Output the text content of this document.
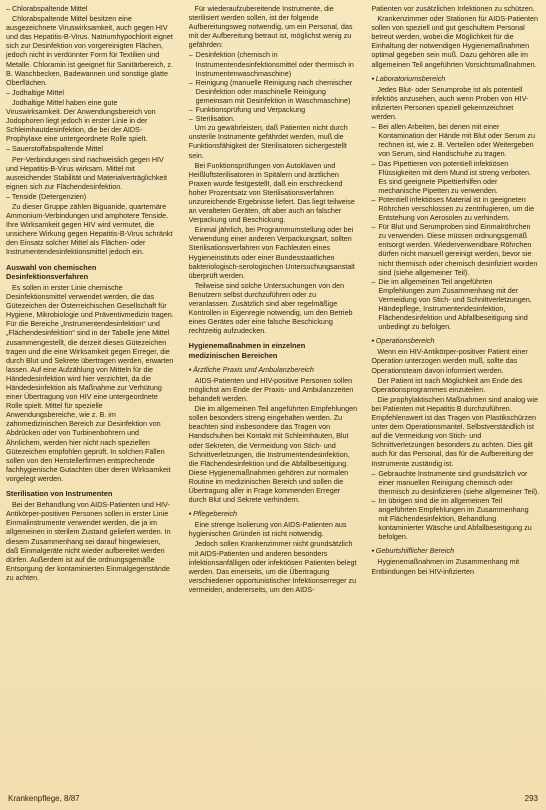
– Chlorabspaltende Mittel

Chlorabspaltende Mittel besitzen eine ausgezeichnete Viruswirksamkeit, auch gegen HIV und das Hepatitis-B-Virus. Natriumhypochlorit eignet sich zur Desinfektion von vorgereinigten Flächen, jedoch nicht in verdünnter Form für Textilien und Metalle. Chloramin ist geeignet für Sanitärbereich, z. B. Waschbecken, Badewannen und sonstige glatte Oberflächen.

– Jodhaltige Mittel

Jodhaltige Mittel haben eine gute Viruswirksamkeit. Der Anwendungsbereich von Jodophoren liegt jedoch in erster Linie in der Schleimhautdesinfektion, die bei der AIDS-Prophylaxe eine untergeordnete Rolle spielt.

– Sauerstoffabspaltende Mittel

Per-Verbindungen sind nachweislich gegen HIV und Hepatitis-B-Virus wirksam. Mittel mit ausreichender Stabilität und Materialverträglichkeit eignen sich zur Flächendesinfektion.

– Tenside (Detergenzien)

Zu dieser Gruppe zählen Biguanide, quarternäre Ammonium-Verbindungen und amphotere Tenside. Ihre Wirksamkeit gegen HIV wird vermutet, die unsichere Wirkung gegen Hepatitis-B-Virus schränkt den Einsatz solcher Mittel als Flächen- oder Instrumentendesinfektionsmittel jedoch ein.

Auswahl von chemischen Desinfektionsverfahren

Es sollen in erster Linie chemische Desinfektionsmittel verwendet werden, die das Gütezeichen der Österreichischen Gesellschaft für Hygiene, Mikrobiologie und Präventivmedizin tragen. Für die Bereiche „Instrumentendesinfektion“ und „Flächendesinfektion“ sind in der Tabelle jene Mittel zusammengestellt, die derzeit dieses Gütezeichen tragen und die eine Wirksamkeit gegen Erreger, die durch Blut und Sekrete übertragen werden, erwarten lassen. Auf eine Aufzählung von Mitteln für die Händedesinfektion wird hier verzichtet, da die Händedesinfektion als Maßnahme zur Verhütung einer Übertragung von HIV eine untergeordnete Rolle spielt. Mittel für spezielle Anwendungsbereiche, wie z. B. im zahnmedizinischen Bereich zur Desinfektion von Abdrücken oder von Turbinenbohrern und Ähnlichem, werden hier nicht nach speziellen Gütezeichen empfohlen geprüft. In solchen Fällen sollen von den Herstellerfirmen entsprechende fachhygienische Gutachten über deren Wirksamkeit vorgelegt werden.

Sterilisation von Instrumenten

Bei der Behandlung von AIDS-Patienten und HIV-Antikörper-positiven Personen sollen in erster Linie Einmalinstrumente verwendet werden, die ja im allgemeinen in sterilem Zustand geliefert werden. In diesem Zusammenhang sei darauf hingewiesen, daß Einmalgeräte nicht wieder aufbereitet werden dürfen. Außerdem ist auf die ordnungsgemäße Entsorgung der kontaminierten Einmalgegenstände zu achten.

Für wiederaufzubereitende Instrumente, die sterilisiert werden sollen, ist der folgende Aufbereitungsweg notwendig, um ein Personal, das mit der Aufbereitung betraut ist, möglichst wenig zu gefährden:

– Desinfektion (chemisch in Instrumentendesinfektionsmittel oder thermisch in Instrumentenwaschmaschine)
– Reinigung (manuelle Reinigung nach chemischer Desinfektion oder maschinelle Reinigung gemeinsam mit Desinfektion in Waschmaschine)
– Funktionsprüfung und Verpackung
– Sterilisation.

Um zu gewährleisten, daß Patienten nicht durch unsterile Instrumente gefährdet werden, muß die Funktionsfähigkeit der Sterilisatoren sichergestellt sein.

Bei Funktionsprüfungen von Autoklaven und Heißluftsterilisatoren in Spitälern und ärztlichen Praxen wurde festgestellt, daß ein erschreckend hoher Prozentsatz von Sterilisationsverfahren unzureichende Ergebnisse liefert. Das liegt teilweise an veralteten Geräten, oft aber auch an falscher Verpackung und Beschickung.

Einmal jährlich, bei Programmumstellung oder bei Verwendung einer anderen Verpackungsart, sollten Sterilisationsverfahren von Fachleuten eines Hygieneinstituts oder einer Bundesstaatlichen bakteriologisch-serologischen Untersuchungsanstalt überprüft werden.

Teilweise sind solche Untersuchungen von den Benutzern selbst durchzuführen oder zu veranlassen. Zusätzlich sind aber regelmäßige Kontrollen in Eigenregie notwendig, um den Betrieb eines Gerätes oder eine falsche Beschickung rechtzeitig aufzudecken.

Hygienemaßnahmen in einzelnen medizinischen Bereichen

● Ärztliche Praxis und Ambulanzbereich

AIDS-Patienten und HIV-positive Personen sollen möglichst am Ende der Praxis- und Ambulanzzeiten behandelt werden.

Die im allgemeinen Teil angeführten Empfehlungen sollen besonders streng eingehalten werden. Zu beachten sind insbesondere das Tragen von Handschuhen bei Kontakt mit Schleimhäuten, Blut oder Sekreten, die Vermeidung von Stich- und Schnittverletzungen, die Instrumentendesinfektion, die Flächendesinfektion und die Abfallbeseitigung. Diese Hygienemaßnahmen gehören zur normalen Routine im medizinischen Bereich und sollen die Übertragung aller in Frage kommenden Erreger durch Blut und Sekrete verhindern.

● Pflegebereich

Eine strenge Isolierung von AIDS-Patienten aus hygienischen Gründen ist nicht notwendig.

Jedoch sollen Krankenzimmer nicht grundsätzlich mit AIDS-Patienten und anderen besonders infektionsanfälligen oder infektiösen Patienten belegt werden. Das einerseits, um die Übertragung verschiedener opportunistischer Infektionserreger zu vermeiden, andererseits, um den AIDS-

Patienten vor zusätzlichen Infektionen zu schützen.

Krankenzimmer oder Stationen für AIDS-Patienten sollen von speziell und gut geschultem Personal betreut werden, wobei die Möglichkeit für die Einhaltung der notwendigen Hygienemaßnahmen optimal gegeben sein muß. Dazu gehören alle im allgemeinen Teil angeführten Vorsichtsmaßnahmen.

● Laboratoriumsbereich

Jedes Blut- oder Serumprobe ist als potentiell infektiös anzusehen, auch wenn Proben von HIV-infizierten Personen speziell gekennzeichnet werden.

– Bei allen Arbeiten, bei denen mit einer Kontamination der Hände mit Blut oder Serum zu rechnen ist, wie z. B. Verteilen oder Weitergeben von Serum, sind Handschuhe zu tragen.
– Das Pipettieren von potentiell infektiösen Flüssigkeiten mit dem Mund ist streng verboten. Es sind geeignete Pipettierhilfen oder mechanische Pipetten zu verwenden.
– Potentiell infektiöses Material ist in geeigneten Röhrchen verschlossen zu zentrifugieren, um die Entstehung von Aerosolen zu verhindern.
– Für Blut und Serumproben sind Einmalröhrchen zu verwenden. Diese müssen ordnungsgemäß entsorgt werden. Wiederverwendbare Röhrchen dürfen nicht manuell gereinigt werden, bevor sie nicht thermisch oder chemisch desinfiziert worden sind (siehe allgemeiner Teil).
– Die im allgemeinen Teil angeführten Empfehlungen zum Zusammenhang mit der Vermeidung von Stich- und Schnittverletzungen, Händepflege, Instrumentendesinfektion, Flächendesinfektion und Abfallbeseitigung sind unbedingt zu befolgen.

● Operationsbereich

Wenn ein HIV-Antikörper-positiver Patient einer Operation unterzogen werden muß, sollte das Operationsteam davon informiert werden.

Der Patient ist nach Möglichkeit am Ende des Operationsprogrammes einzuteilen.

Die prophylaktischen Maßnahmen sind analog wie bei Patienten mit Hepatitis B durchzuführen. Empfehlenswert ist das Tragen von Plastikschürzen unter dem Operationsmantel. Selbstverständlich ist auf die Vermeidung von Stich- und Schnittverletzungen besonders zu achten. Dies gilt auch für das Personal, das für die Aufbereitung der Instrumente zuständig ist.

– Gebrauchte Instrumente sind grundsätzlich vor einer manuellen Reinigung chemisch oder thermisch zu desinfizieren (siehe allgemeiner Teil).
– Im übrigen sind die im allgemeinen Teil angeführten Empfehlungen im Zusammenhang mit Flächendesinfektion, Behandlung kontaminierter Wäsche und Abfallbeseitigung zu befolgen.

● Geburtshilflicher Bereich

Hygienemaßnahmen im Zusammenhang mit Entbindungen bei HIV-infizierten

Krankenpflege, 8/87	293
